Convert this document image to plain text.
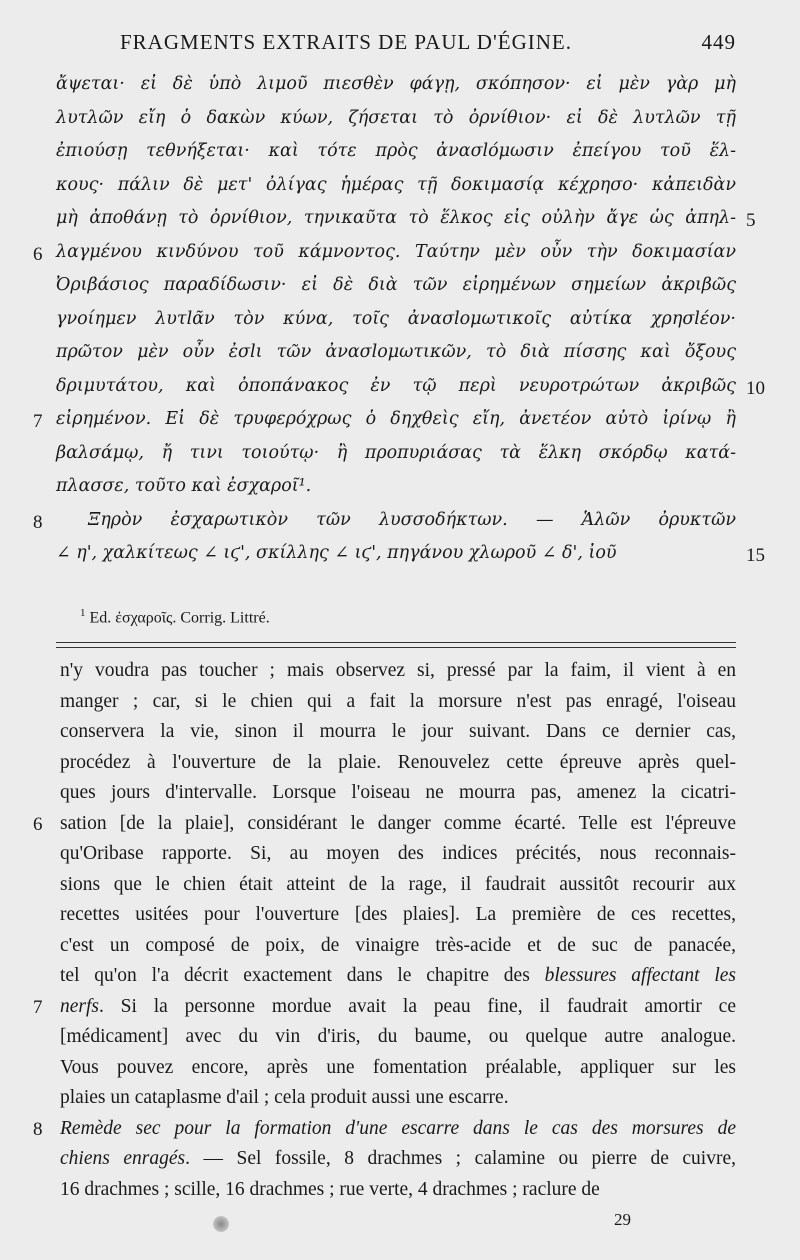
FRAGMENTS EXTRAITS DE PAUL D'ÉGINE.	449
ἄψεται· εἰ δὲ ὑπὸ λιμοῦ πιεσθὲν φάγῃ, σκόπησον· εἰ μὲν γὰρ μὴ
λυτλῶν εἴη ὁ δακὼν κύων, ζήσεται τὸ ὀρνίθιον· εἰ δὲ λυτλῶν τῇ
ἐπιούσῃ τεθνήξεται· καὶ τότε πρὸς ἀνασlόμωσιν ἐπείγου τοῦ ἕλ-
κους· πάλιν δὲ μετ' ὀλίγας ἡμέρας τῇ δοκιμασίᾳ κέχρησο· κἀπειδὰν
μὴ ἀποθάνῃ τὸ ὀρνίθιον, τηνικαῦτα τὸ ἕλκος εἰς οὐλὴν ἄγε ὡς ἀπηλ- 5
λαγμένου κινδύνου τοῦ κάμνοντος. Ταύτην μὲν οὖν τὴν δοκιμασίαν
6
Ὀριβάσιος παραδίδωσιν· εἰ δὲ διὰ τῶν εἰρημένων σημείων ἀκριβῶς
γνοίημεν λυτlᾶν τὸν κύνα, τοῖς ἀνασlομωτικοῖς αὐτίκα χρησlέον·
πρῶτον μὲν οὖν ἐσlι τῶν ἀνασlομωτικῶν, τὸ διὰ πίσσης καὶ ὄξους
δριμυτάτου, καὶ ὀποπάνακος ἐν τῷ περὶ νευροτρώτων ἀκριβῶς 10
εἰρημένον. Εἰ δὲ τρυφερόχρως ὁ δηχθεὶς εἴη, ἀνετέον αὐτὸ ἰρίνῳ ἢ
7
βαλσάμῳ, ἤ τινι τοιούτῳ· ἢ προπυριάσας τὰ ἕλκη σκόρδῳ κατά-
πλασσε, τοῦτο καὶ ἐσχαροῖ¹.
Ξηρὸν ἐσχαρωτικὸν τῶν λυσσοδήκτων. — Ἁλῶν ὀρυκτῶν
8
∠ η', χαλκίτεως ∠ ιϛ', σκίλλης ∠ ιϛ', πηγάνου χλωροῦ ∠ δ', ἰοῦ	15
$^1$ Ed. ἐσχαροῖς. Corrig. Littré.
n'y voudra pas toucher ; mais observez si, pressé par la faim, il vient à en
manger ; car, si le chien qui a fait la morsure n'est pas enragé, l'oiseau
conservera la vie, sinon il mourra le jour suivant. Dans ce dernier cas,
procédez à l'ouverture de la plaie. Renouvelez cette épreuve après quel-
ques jours d'intervalle. Lorsque l'oiseau ne mourra pas, amenez la cicatri-
sation [de la plaie], considérant le danger comme écarté. Telle est l'épreuve
6
qu'Oribase rapporte. Si, au moyen des indices précités, nous reconnais-
sions que le chien était atteint de la rage, il faudrait aussitôt recourir aux
recettes usitées pour l'ouverture [des plaies]. La première de ces recettes,
c'est un composé de poix, de vinaigre très-acide et de suc de panacée,
tel qu'on l'a décrit exactement dans le chapitre des blessures affectant les
nerfs. Si la personne mordue avait la peau fine, il faudrait amortir ce
7
[médicament] avec du vin d'iris, du baume, ou quelque autre analogue.
Vous pouvez encore, après une fomentation préalable, appliquer sur les
plaies un cataplasme d'ail ; cela produit aussi une escarre.
Remède sec pour la formation d'une escarre dans le cas des morsures de
8
chiens enragés. — Sel fossile, 8 drachmes ; calamine ou pierre de cuivre,
16 drachmes ; scille, 16 drachmes ; rue verte, 4 drachmes ; raclure de
29
